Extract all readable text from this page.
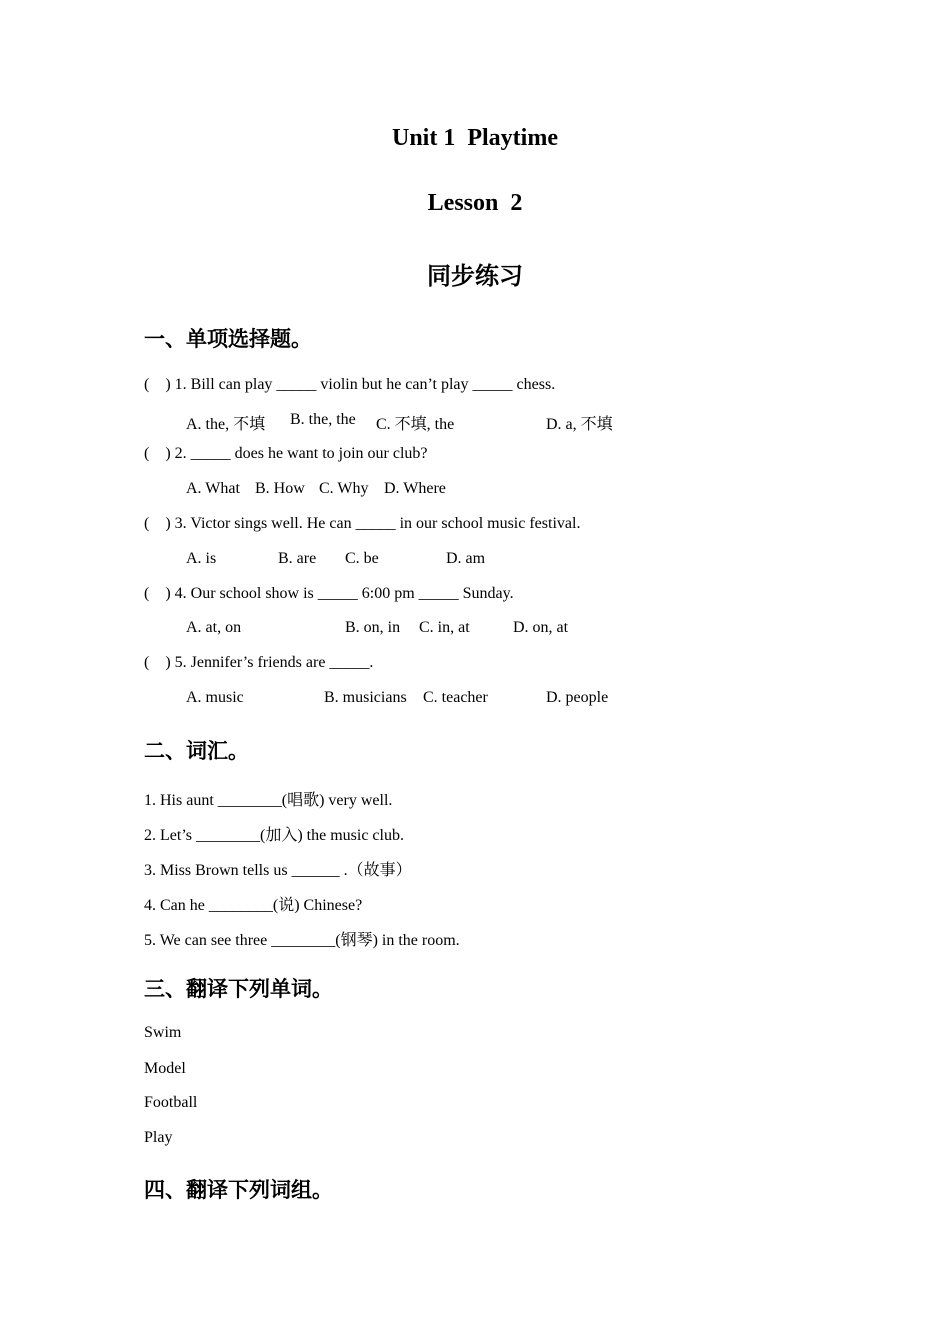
Unit 1  Playtime
Lesson  2
同步练习
一、单项选择题。
(    ) 1. Bill can play _____ violin but he can’t play _____ chess.
A. the, 不填 B. the, the C. 不填, the	D. a, 不填
(    ) 2. _____ does he want to join our club?
A. What B. How C. Why D. Where
(    ) 3. Victor sings well. He can _____ in our school music festival.
A. is	B. are C. be	D. am
(    ) 4. Our school show is _____ 6:00 pm _____ Sunday.
A. at, on	B. on, in C. in, at	D. on, at
(    ) 5. Jennifer’s friends are _____.
A. music	B. musicians C. teacher	D. people
二、词汇。
1. His aunt ________(唱歌) very well.
2. Let’s ________(加入) the music club.
3. Miss Brown tells us ______ .（故事）
4. Can he ________(说) Chinese?
5. We can see three ________(钢琴) in the room.
三、翻译下列单词。
Swim
Model
Football
Play
四、翻译下列词组。
